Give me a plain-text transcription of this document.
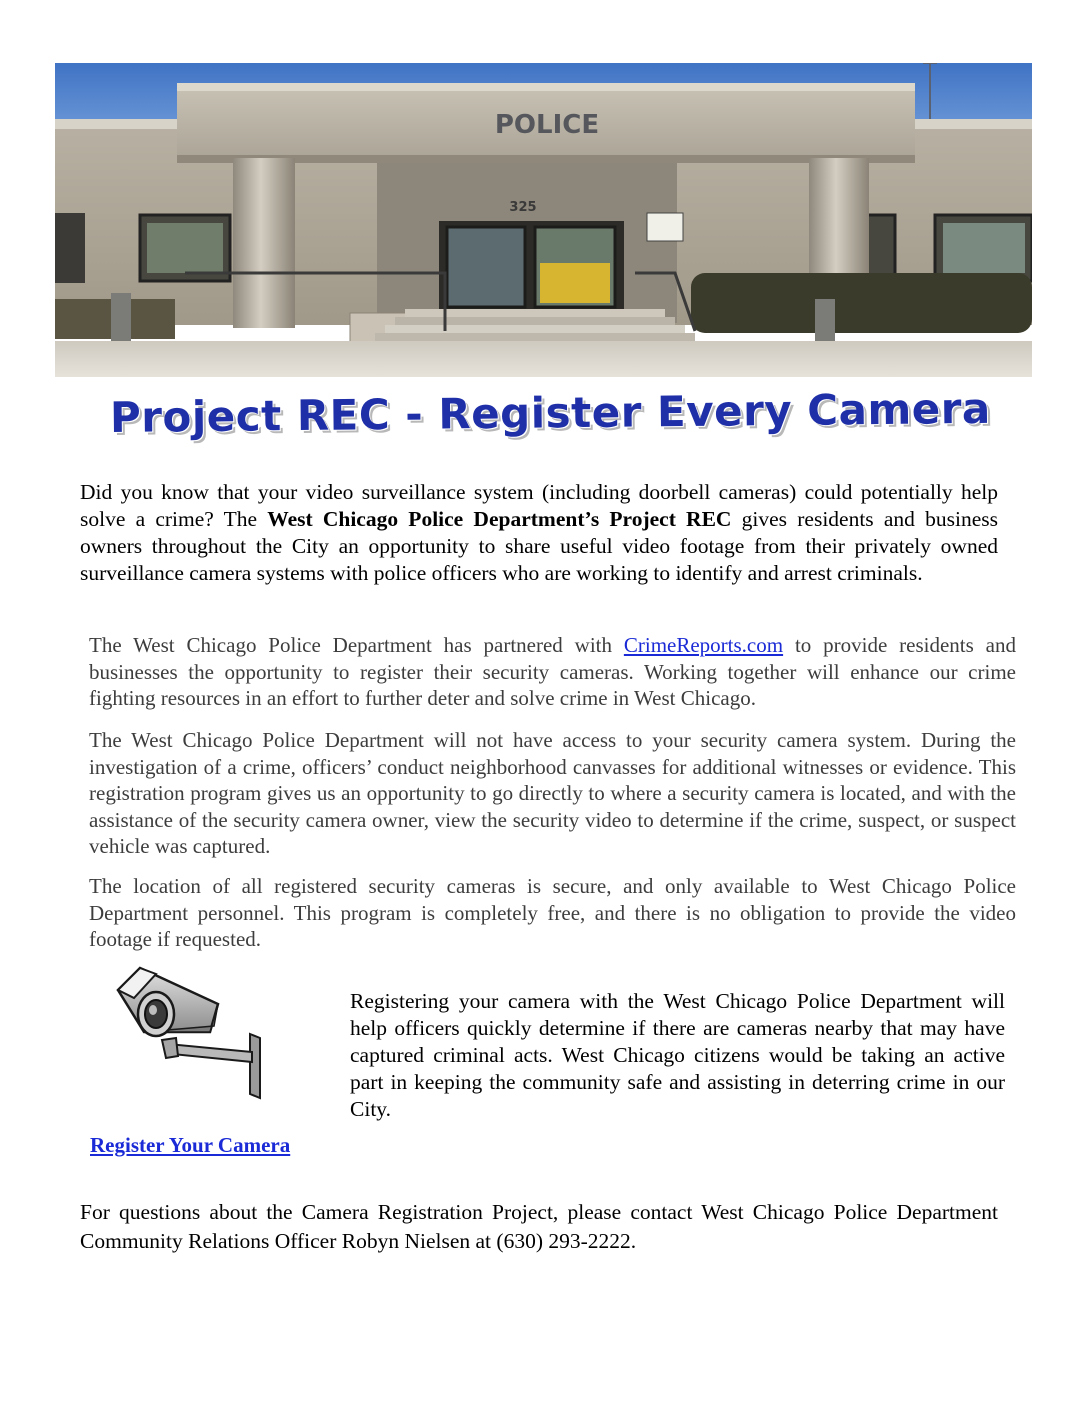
POLICE
325
Project REC - Register Every Camera

Did you know that your video surveillance system (including doorbell cameras) could potentially help solve a crime? The West Chicago Police Department’s Project REC gives residents and business owners throughout the City an opportunity to share useful video footage from their privately owned surveillance camera systems with police officers who are working to identify and arrest criminals.

The West Chicago Police Department has partnered with CrimeReports.com to provide residents and businesses the opportunity to register their security cameras. Working together will enhance our crime fighting resources in an effort to further deter and solve crime in West Chicago.

The West Chicago Police Department will not have access to your security camera system. During the investigation of a crime, officers’ conduct neighborhood canvasses for additional witnesses or evidence. This registration program gives us an opportunity to go directly to where a security camera is located, and with the assistance of the security camera owner, view the security video to determine if the crime, suspect, or suspect vehicle was captured.

The location of all registered security cameras is secure, and only available to West Chicago Police Department personnel. This program is completely free, and there is no obligation to provide the video footage if requested.

Registering your camera with the West Chicago Police Department will help officers quickly determine if there are cameras nearby that may have captured criminal acts. West Chicago citizens would be taking an active part in keeping the community safe and assisting in deterring crime in our City.

Register Your Camera

For questions about the Camera Registration Project, please contact West Chicago Police Department Community Relations Officer Robyn Nielsen at (630) 293-2222.
